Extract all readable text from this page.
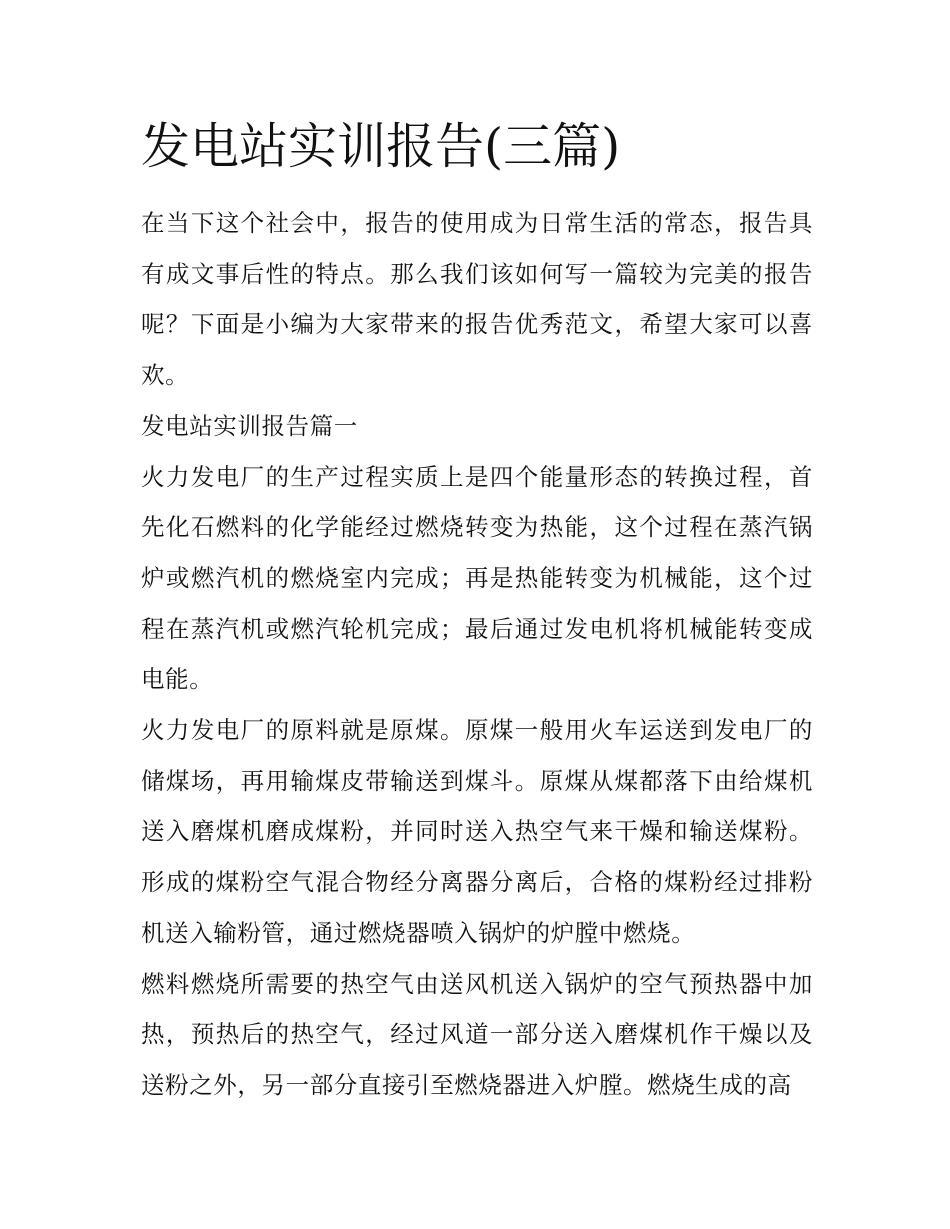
发电站实训报告(三篇)

在当下这个社会中，报告的使用成为日常生活的常态，报告具有成文事后性的特点。那么我们该如何写一篇较为完美的报告呢？下面是小编为大家带来的报告优秀范文，希望大家可以喜欢。

发电站实训报告篇一

火力发电厂的生产过程实质上是四个能量形态的转换过程，首先化石燃料的化学能经过燃烧转变为热能，这个过程在蒸汽锅炉或燃汽机的燃烧室内完成；再是热能转变为机械能，这个过程在蒸汽机或燃汽轮机完成；最后通过发电机将机械能转变成电能。

火力发电厂的原料就是原煤。原煤一般用火车运送到发电厂的储煤场，再用输煤皮带输送到煤斗。原煤从煤都落下由给煤机送入磨煤机磨成煤粉，并同时送入热空气来干燥和输送煤粉。形成的煤粉空气混合物经分离器分离后，合格的煤粉经过排粉机送入输粉管，通过燃烧器喷入锅炉的炉膛中燃烧。

燃料燃烧所需要的热空气由送风机送入锅炉的空气预热器中加热，预热后的热空气，经过风道一部分送入磨煤机作干燥以及送粉之外，另一部分直接引至燃烧器进入炉膛。燃烧生成的高
